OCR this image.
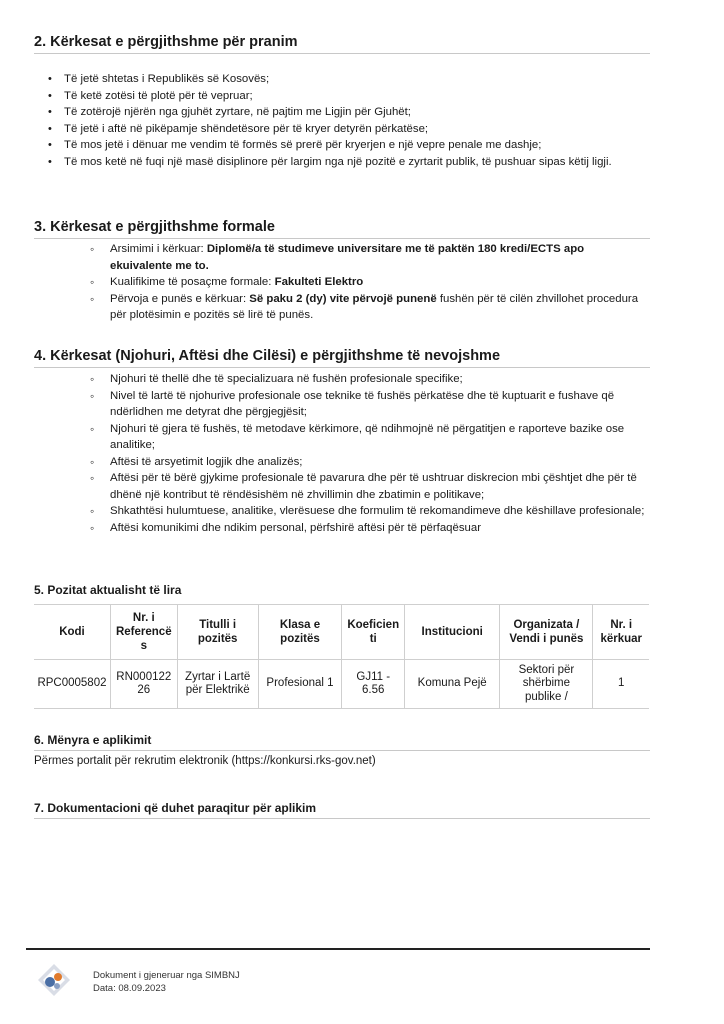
2. Kërkesat e përgjithshme për pranim
• Të jetë shtetas i Republikës së Kosovës;
• Të ketë zotësi të plotë për të vepruar;
• Të zotërojë njërën nga gjuhët zyrtare, në pajtim me Ligjin për Gjuhët;
• Të jetë i aftë në pikëpamje shëndetësore për të kryer detyrën përkatëse;
• Të mos jetë i dënuar me vendim të formës së prerë për kryerjen e një vepre penale me dashje;
• Të mos ketë në fuqi një masë disiplinore për largim nga një pozitë e zyrtarit publik, të pushuar sipas këtij ligji.
3. Kërkesat e përgjithshme formale
◦ Arsimimi i kërkuar: Diplomë/a të studimeve universitare me të paktën 180 kredi/ECTS apo ekuivalente me to.
◦ Kualifikime të posaçme formale: Fakulteti Elektro
◦ Përvoja e punës e kërkuar: Së paku 2 (dy) vite përvojë punenë fushën për të cilën zhvillohet procedura për plotësimin e pozitës së lirë të punës.
4. Kërkesat (Njohuri, Aftësi dhe Cilësi) e përgjithshme të nevojshme
◦ Njohuri të thellë dhe të specializuara në fushën profesionale specifike;
◦ Nivel të lartë të njohurive profesionale ose teknike të fushës përkatëse dhe të kuptuarit e fushave që ndërlidhen me detyrat dhe përgjegjësit;
◦ Njohuri të gjera të fushës, të metodave kërkimore, që ndihmojnë në përgatitjen e raporteve bazike ose analitike;
◦ Aftësi të arsyetimit logjik dhe analizës;
◦ Aftësi për të bërë gjykime profesionale të pavarura dhe për të ushtruar diskrecion mbi çështjet dhe për të dhënë një kontribut të rëndësishëm në zhvillimin dhe zbatimin e politikave;
◦ Shkathtësi hulumtuese, analitike, vlerësuese dhe formulim të rekomandimeve dhe këshillave profesionale;
◦ Aftësi komunikimi dhe ndikim personal, përfshirë aftësi për të përfaqësuar
5. Pozitat aktualisht të lira
Kodi	Nr. i Referencë s	Titulli i pozitës	Klasa e pozitës	Koeficien ti	Institucioni	Organizata / Vendi i punës	Nr. i kërkuar
RPC0005802	RN000122 26	Zyrtar i Lartë për Elektrikë	Profesional 1	GJ11 - 6.56	Komuna Pejë	Sektori për shërbime publike /	1
6. Mënyra e aplikimit
Përmes portalit për rekrutim elektronik (https://konkursi.rks-gov.net)
7. Dokumentacioni që duhet paraqitur për aplikim
Dokument i gjeneruar nga SIMBNJ
Data: 08.09.2023
